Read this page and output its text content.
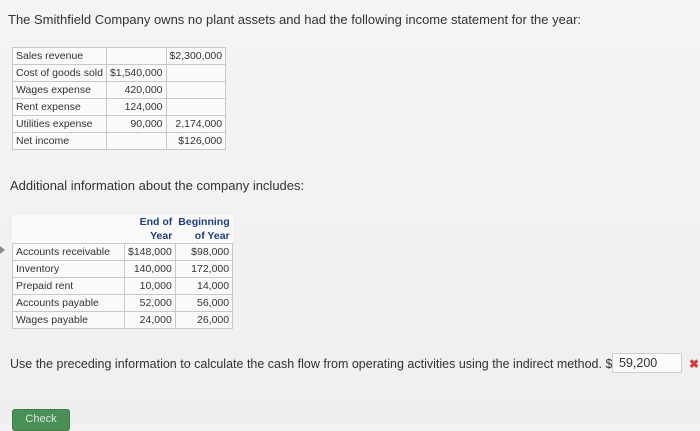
The Smithfield Company owns no plant assets and had the following income statement for the year:
Sales revenue		$2,300,000
Cost of goods sold	$1,540,000	
Wages expense	420,000	
Rent expense	124,000	
Utilities expense	90,000	2,174,000
Net income		$126,000
Additional information about the company includes:
	End of	Beginning
	Year	of Year
Accounts receivable	$148,000	$98,000
Inventory	140,000	172,000
Prepaid rent	10,000	14,000
Accounts payable	52,000	56,000
Wages payable	24,000	26,000
Use the preceding information to calculate the cash flow from operating activities using the indirect method. $
59,200	✖
Check
